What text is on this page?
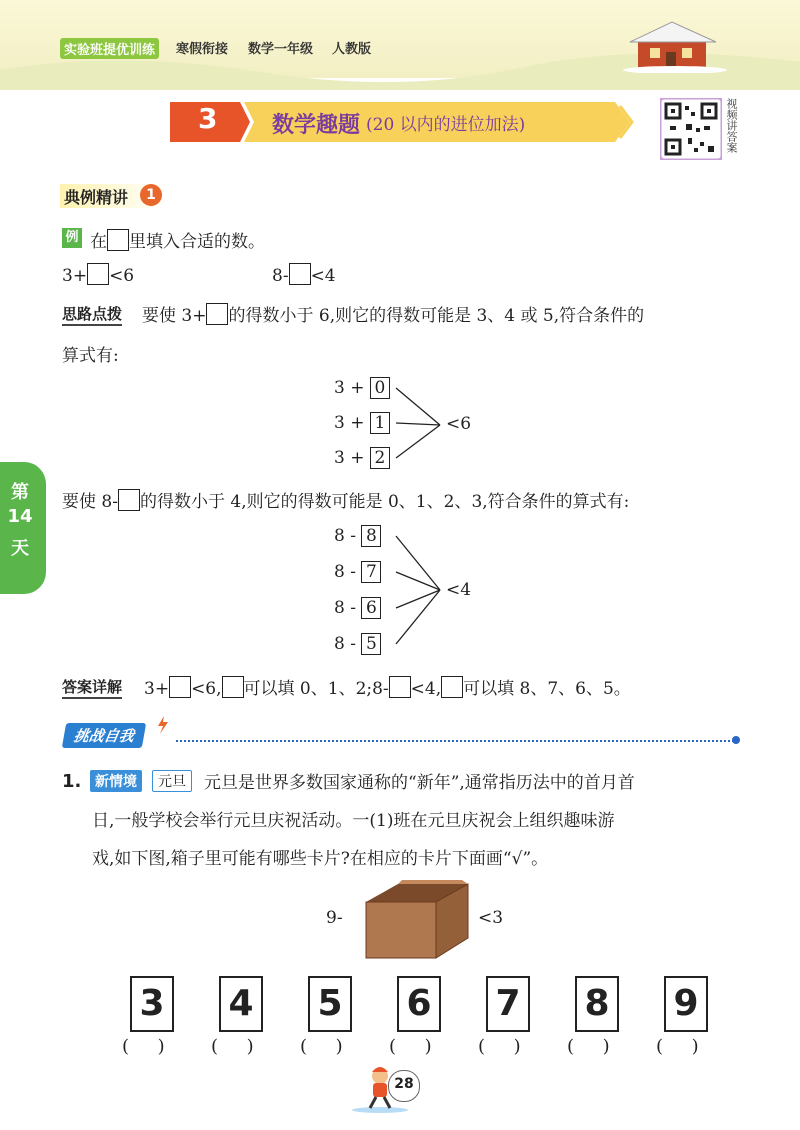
实验班提优训练	寒假衔接 数学一年级 人教版
3 数学趣题 (20 以内的进位加法)	视频讲答案
第
14
天
典例精讲	1
例 在 里填入合适的数。
3+ <6	8- <4
思路点拨 要使 3+ 的得数小于 6,则它的得数可能是 3、4 或 5,符合条件的
算式有:
3 + 0
3 + 1
3 + 2
<6
要使 8- 的得数小于 4,则它的得数可能是 0、1、2、3,符合条件的算式有:
8 - 8
8 - 7
8 - 6
8 - 5
<4
答案详解 3+ <6, 可以填 0、1、2;8- <4, 可以填 8、7、6、5。
挑战自我
1. 新情境	元旦	元旦是世界多数国家通称的“新年”,通常指历法中的首月首
日,一般学校会举行元旦庆祝活动。一(1)班在元旦庆祝会上组织趣味游
戏,如下图,箱子里可能有哪些卡片?在相应的卡片下面画“√”。
9-	<3
3 4 5 6 7 8 9
(     )	(     )	(     )	(     )	(     )	(     )	(     )
28
